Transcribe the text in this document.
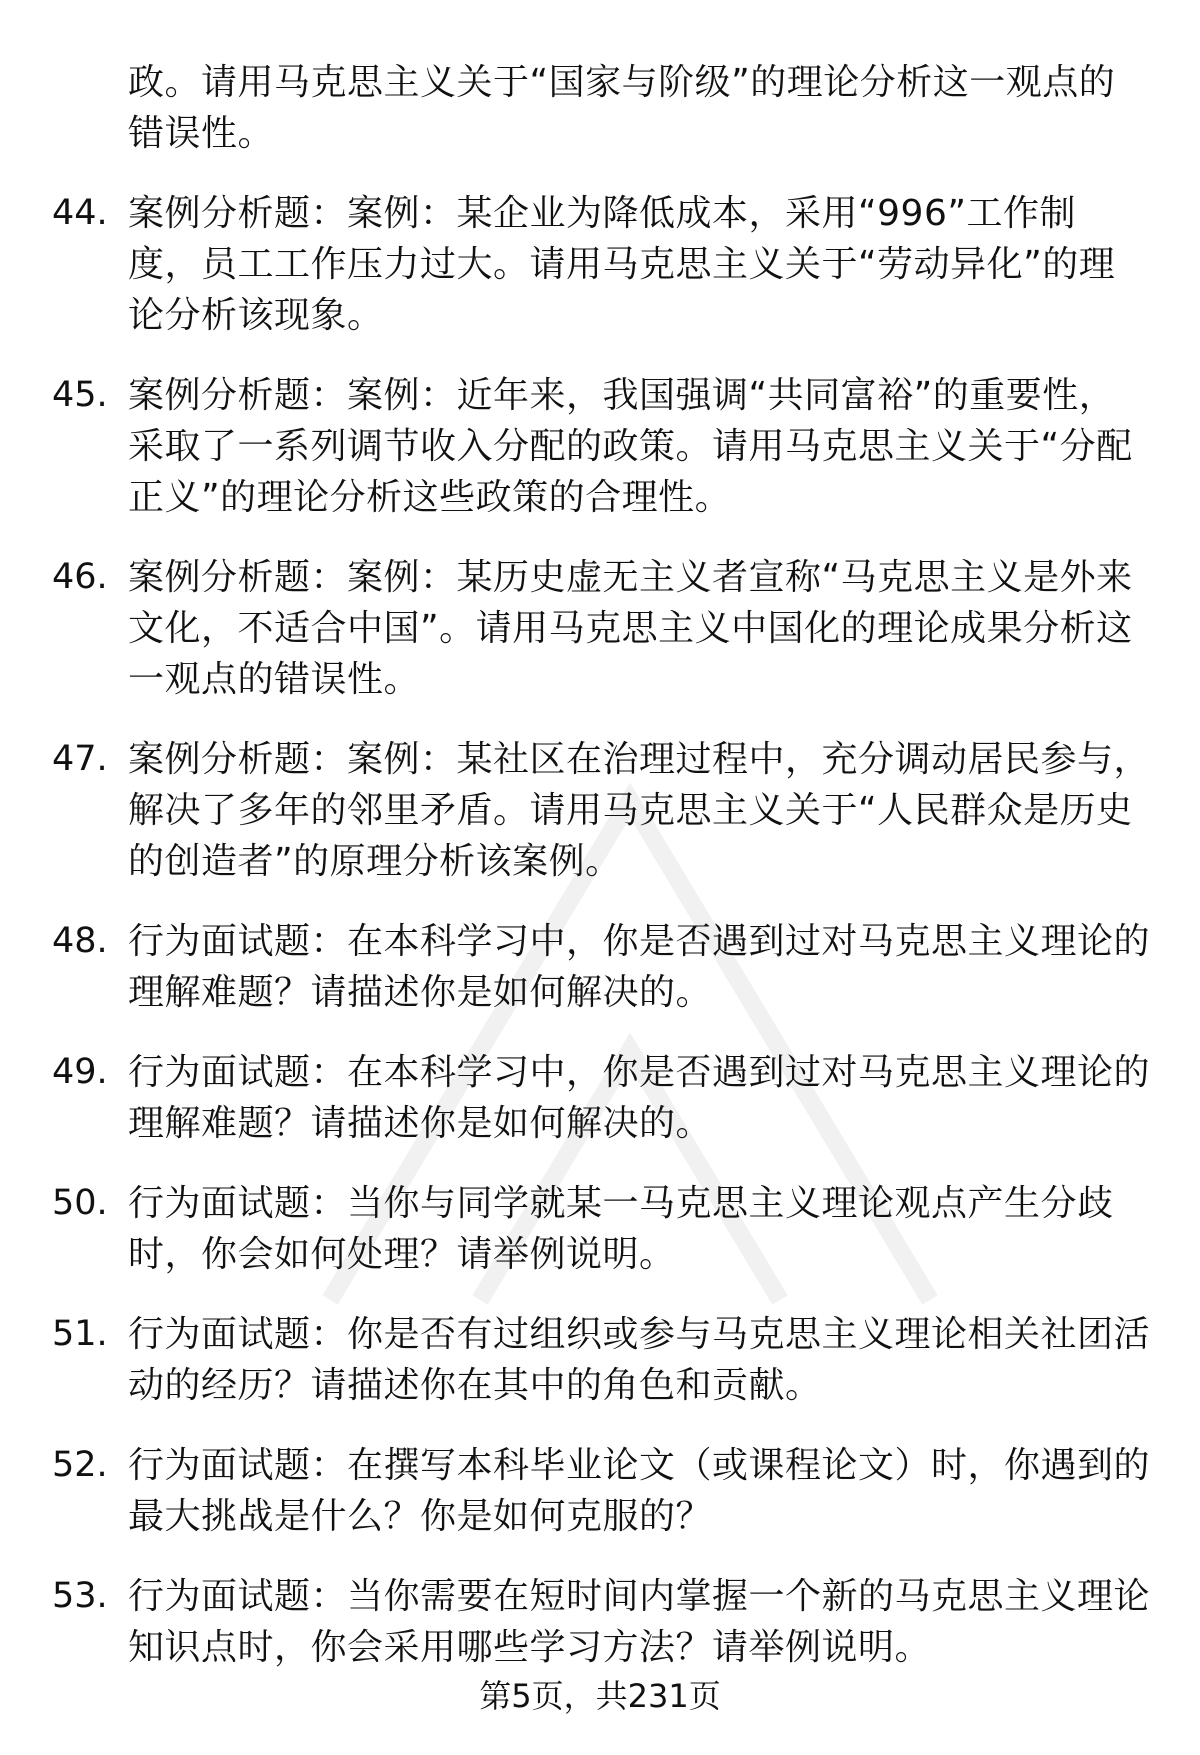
政。请用马克思主义关于“国家与阶级”的理论分析这一观点的
错误性。
44. 案例分析题：案例：某企业为降低成本，采用“996”工作制
度，员工工作压力过大。请用马克思主义关于“劳动异化”的理
论分析该现象。
45. 案例分析题：案例：近年来，我国强调“共同富裕”的重要性，
采取了一系列调节收入分配的政策。请用马克思主义关于“分配
正义”的理论分析这些政策的合理性。
46. 案例分析题：案例：某历史虚无主义者宣称“马克思主义是外来
文化，不适合中国”。请用马克思主义中国化的理论成果分析这
一观点的错误性。
47. 案例分析题：案例：某社区在治理过程中，充分调动居民参与，
解决了多年的邻里矛盾。请用马克思主义关于“人民群众是历史
的创造者”的原理分析该案例。
48. 行为面试题：在本科学习中，你是否遇到过对马克思主义理论的
理解难题？请描述你是如何解决的。
49. 行为面试题：在本科学习中，你是否遇到过对马克思主义理论的
理解难题？请描述你是如何解决的。
50. 行为面试题：当你与同学就某一马克思主义理论观点产生分歧
时，你会如何处理？请举例说明。
51. 行为面试题：你是否有过组织或参与马克思主义理论相关社团活
动的经历？请描述你在其中的角色和贡献。
52. 行为面试题：在撰写本科毕业论文（或课程论文）时，你遇到的
最大挑战是什么？你是如何克服的？
53. 行为面试题：当你需要在短时间内掌握一个新的马克思主义理论
知识点时，你会采用哪些学习方法？请举例说明。
第5页，共231页
